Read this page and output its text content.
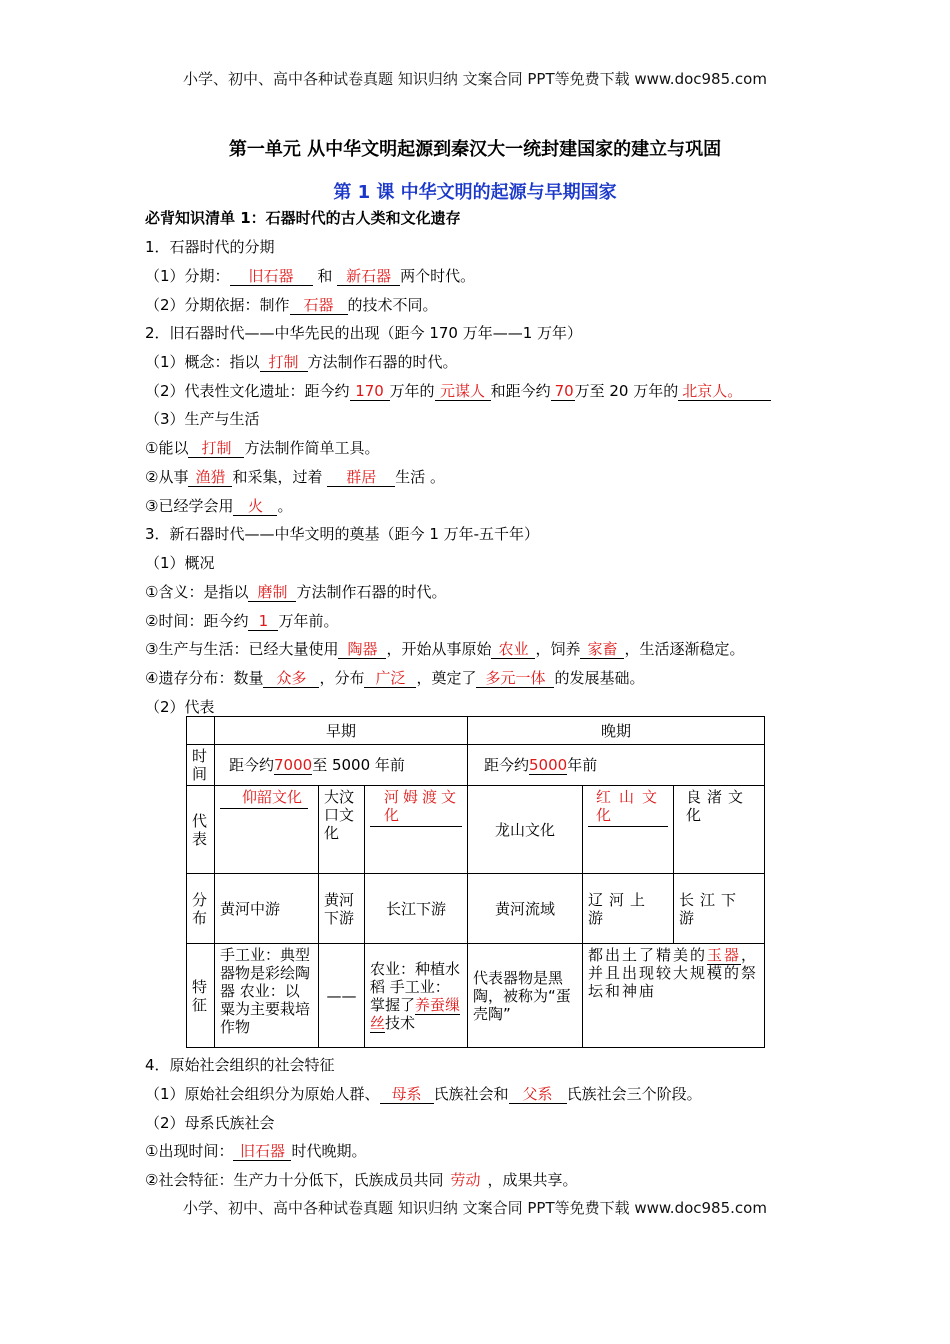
小学、初中、高中各种试卷真题 知识归纳 文案合同 PPT等免费下载 www.doc985.com
第一单元 从中华文明起源到秦汉大一统封建国家的建立与巩固
第 1 课 中华文明的起源与早期国家
必背知识清单 1：石器时代的古人类和文化遗存
1．石器时代的分期
（1）分期： 旧石器 和 新石器 两个时代。
（2）分期依据：制作 石器 的技术不同。
2．旧石器时代——中华先民的出现（距今 170 万年——1 万年）
（1）概念：指以 打制 方法制作石器的时代。
（2）代表性文化遗址：距今约 170 万年的 元谋人 和距今约 70万至 20 万年的 北京人。
（3）生产与生活
①能以 打制 方法制作简单工具。
②从事 渔猎 和采集，过着 群居 生活 。
③已经学会用 火 。
3．新石器时代——中华文明的奠基（距今 1 万年-五千年）
（1）概况
①含义：是指以 磨制 方法制作石器的时代。
②时间：距今约 1 万年前。
③生产与生活：已经大量使用 陶器 ，开始从事原始 农业 ，饲养 家畜 ，生活逐渐稳定。
④遗存分布：数量 众多 ，分布 广泛 ，奠定了 多元一体 的发展基础。
（2）代表
	早期			晚期		
时间	距今约7000至 5000 年前			距今约5000年前		
代表	仰韶文化	大汶口文化	河姆渡文化	龙山文化	红山文化	良渚文化
分布	黄河中游	黄河下游	长江下游	黄河流域	辽河上游	长江下游
特征	手工业：典型器物是彩绘陶器 农业：以粟为主要栽培作物	——	农业：种植水稻 手工业：掌握了养蚕缫丝技术	代表器物是黑陶，被称为“蛋壳陶”	都出土了精美的玉器，并且出现较大规模的祭坛和神庙	
4．原始社会组织的社会特征
（1）原始社会组织分为原始人群、 母系 氏族社会和 父系 氏族社会三个阶段。
（2）母系氏族社会
①出现时间： 旧石器 时代晚期。
②社会特征：生产力十分低下，氏族成员共同 劳动 ，成果共享。
小学、初中、高中各种试卷真题 知识归纳 文案合同 PPT等免费下载 www.doc985.com
